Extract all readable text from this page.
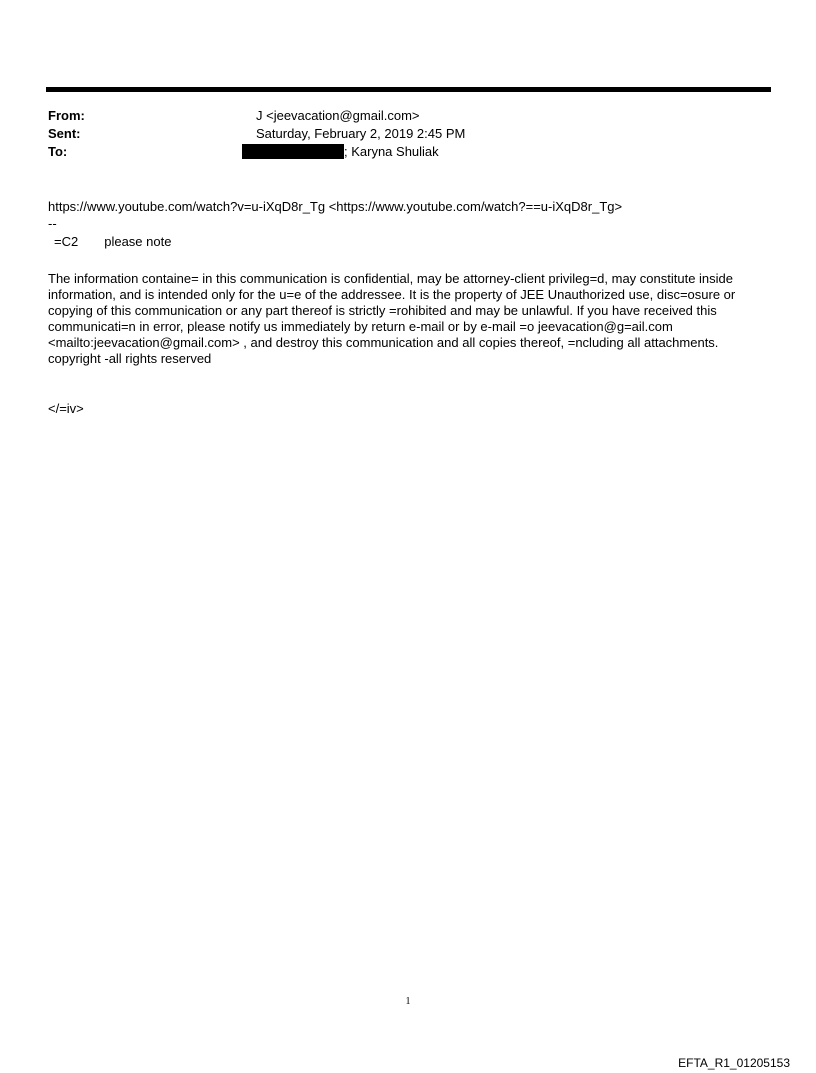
From:	J <jeevacation@gmail.com>
Sent:	Saturday, February 2, 2019 2:45 PM
To:	; Karyna Shuliak
https://www.youtube.com/watch?v=u-iXqD8r_Tg <https://www.youtube.com/watch?==u-iXqD8r_Tg>
--
=C2 please note
The information containe= in this communication is confidential, may be attorney-client privileg=d, may constitute inside information, and is intended only for the u=e of the addressee. It is the property of JEE Unauthorized use, disc=osure or copying of this communication or any part thereof is strictly =rohibited and may be unlawful. If you have received this communicati=n in error, please notify us immediately by return e-mail or by e-mail =o jeevacation@g=ail.com <mailto:jeevacation@gmail.com> , and destroy this communication and all copies thereof, =ncluding all attachments. copyright -all rights reserved
</=iv>
1
EFTA_R1_01205153
